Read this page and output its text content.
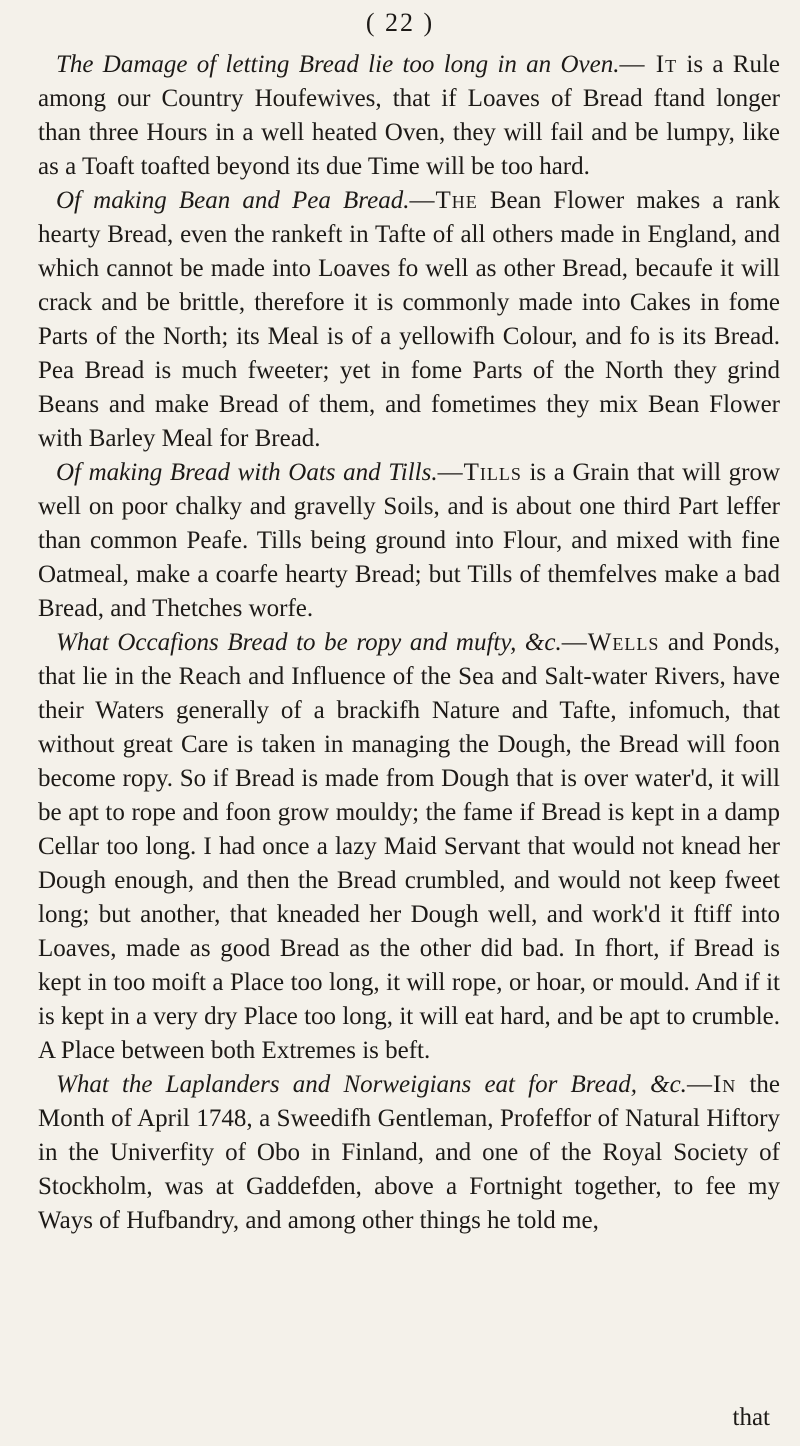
( 22 )

The Damage of letting Bread lie too long in an Oven.— It is a Rule among our Country Houfewives, that if Loaves of Bread ftand longer than three Hours in a well heated Oven, they will fail and be lumpy, like as a Toaft toafted beyond its due Time will be too hard.

Of making Bean and Pea Bread.—The Bean Flower makes a rank hearty Bread, even the rankeft in Tafte of all others made in England, and which cannot be made into Loaves fo well as other Bread, becaufe it will crack and be brittle, therefore it is commonly made into Cakes in fome Parts of the North; its Meal is of a yellowifh Colour, and fo is its Bread. Pea Bread is much fweeter; yet in fome Parts of the North they grind Beans and make Bread of them, and fometimes they mix Bean Flower with Barley Meal for Bread.

Of making Bread with Oats and Tills.—Tills is a Grain that will grow well on poor chalky and gravelly Soils, and is about one third Part leffer than common Peafe. Tills being ground into Flour, and mixed with fine Oatmeal, make a coarfe hearty Bread; but Tills of themfelves make a bad Bread, and Thetches worfe.

What Occafions Bread to be ropy and mufty, &c.—Wells and Ponds, that lie in the Reach and Influence of the Sea and Salt-water Rivers, have their Waters generally of a brackifh Nature and Tafte, infomuch, that without great Care is taken in managing the Dough, the Bread will foon become ropy. So if Bread is made from Dough that is over water'd, it will be apt to rope and foon grow mouldy; the fame if Bread is kept in a damp Cellar too long. I had once a lazy Maid Servant that would not knead her Dough enough, and then the Bread crumbled, and would not keep fweet long; but another, that kneaded her Dough well, and work'd it ftiff into Loaves, made as good Bread as the other did bad. In fhort, if Bread is kept in too moift a Place too long, it will rope, or hoar, or mould. And if it is kept in a very dry Place too long, it will eat hard, and be apt to crumble. A Place between both Extremes is beft.

What the Laplanders and Norweigians eat for Bread, &c.—In the Month of April 1748, a Sweedifh Gentleman, Profeffor of Natural Hiftory in the Univerfity of Obo in Finland, and one of the Royal Society of Stockholm, was at Gaddefden, above a Fortnight together, to fee my Ways of Hufbandry, and among other things he told me,

that
